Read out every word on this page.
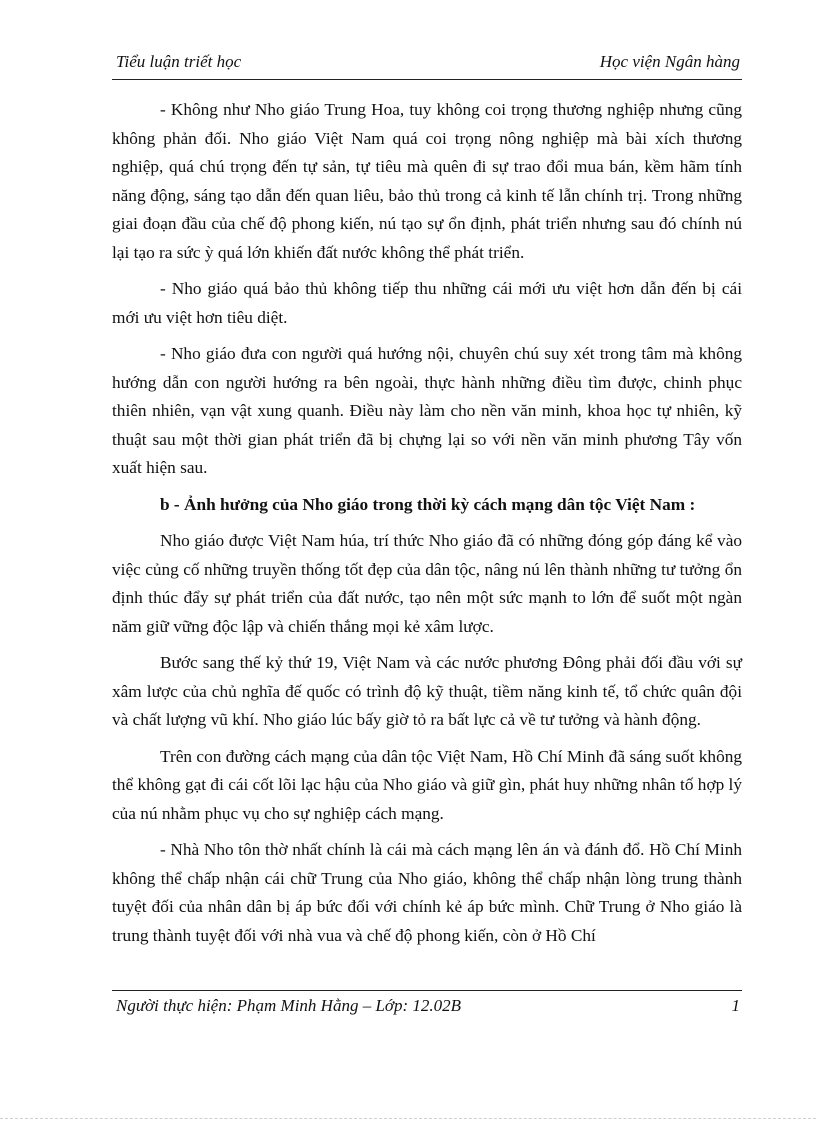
Tiểu luận triết học	Học viện Ngân hàng

- Không như Nho giáo Trung Hoa, tuy không coi trọng thương nghiệp nhưng cũng không phản đối. Nho giáo Việt Nam quá coi trọng nông nghiệp mà bài xích thương nghiệp, quá chú trọng đến tự sản, tự tiêu mà quên đi sự trao đổi mua bán, kềm hãm tính năng động, sáng tạo dẫn đến quan liêu, bảo thủ trong cả kinh tế lẫn chính trị. Trong những giai đoạn đầu của chế độ phong kiến, nú tạo sự ổn định, phát triển nhưng sau đó chính nú lại tạo ra sức ỳ quá lớn khiến đất nước không thể phát triển.

- Nho giáo quá bảo thủ không tiếp thu những cái mới ưu việt hơn dẫn đến bị cái mới ưu việt hơn tiêu diệt.

- Nho giáo đưa con người quá hướng nội, chuyên chú suy xét trong tâm mà không hướng dẫn con người hướng ra bên ngoài, thực hành những điều tìm được, chinh phục thiên nhiên, vạn vật xung quanh. Điều này làm cho nền văn minh, khoa học tự nhiên, kỹ thuật sau một thời gian phát triển đã bị chựng lại so với nền văn minh phương Tây vốn xuất hiện sau.

b - Ảnh hưởng của Nho giáo trong thời kỳ cách mạng dân tộc Việt Nam :

Nho giáo được Việt Nam húa, trí thức Nho giáo đã có những đóng góp đáng kể vào việc củng cố những truyền thống tốt đẹp của dân tộc, nâng nú lên thành những tư tưởng ổn định thúc đẩy sự phát triển của đất nước, tạo nên một sức mạnh to lớn để suốt một ngàn năm giữ vững độc lập và chiến thắng mọi kẻ xâm lược.

Bước sang thế kỷ thứ 19, Việt Nam và các nước phương Đông phải đối đầu với sự xâm lược của chủ nghĩa đế quốc có trình độ kỹ thuật, tiềm năng kinh tế, tổ chức quân đội và chất lượng vũ khí. Nho giáo lúc bấy giờ tỏ ra bất lực cả về tư tưởng và hành động.

Trên con đường cách mạng của dân tộc Việt Nam, Hồ Chí Minh đã sáng suốt không thể không gạt đi cái cốt lõi lạc hậu của Nho giáo và giữ gìn, phát huy những nhân tố hợp lý của nú nhằm phục vụ cho sự nghiệp cách mạng.

- Nhà Nho tôn thờ nhất chính là cái mà cách mạng lên án và đánh đổ. Hồ Chí Minh không thể chấp nhận cái chữ Trung của Nho giáo, không thể chấp nhận lòng trung thành tuyệt đối của nhân dân bị áp bức đối với chính kẻ áp bức mình. Chữ Trung ở Nho giáo là trung thành tuyệt đối với nhà vua và chế độ phong kiến, còn ở Hồ Chí

Người thực hiện: Phạm Minh Hằng – Lớp: 12.02B	1
